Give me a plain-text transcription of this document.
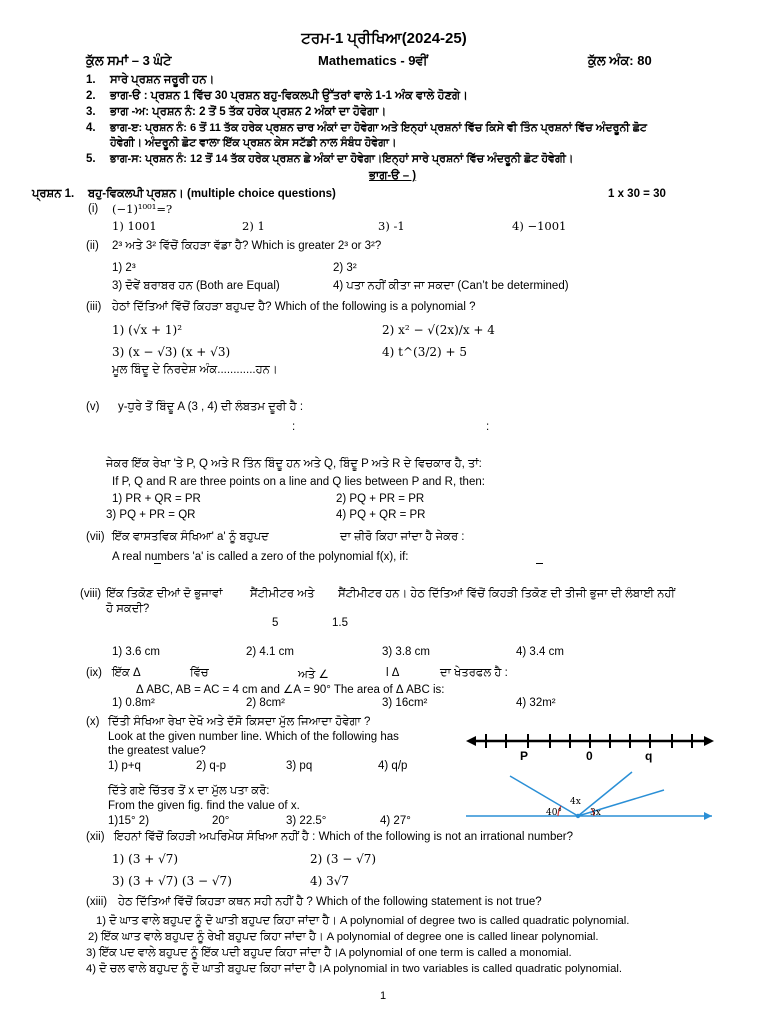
ਟਰਮ-1 ਪ੍ਰੀਖਿਆ(2024-25)
ਕੁੱਲ ਸਮਾਂ – 3 ਘੰਟੇ	Mathematics - 9ਵੀਂ	ਕੁੱਲ ਅੰਕ: 80
1. ਸਾਰੇ ਪ੍ਰਸ਼ਨ ਜਰੂਰੀ ਹਨ।
2. ਭਾਗ-ੳ : ਪ੍ਰਸ਼ਨ 1 ਵਿੱਚ 30 ਪ੍ਰਸ਼ਨ ਬਹੁ-ਵਿਕਲਪੀ ਉੱਤਰਾਂ ਵਾਲੇ 1-1 ਅੰਕ ਵਾਲੇ ਹੋਣਗੇ।
3. ਭਾਗ -ਅ: ਪ੍ਰਸ਼ਨ ਨੰ: 2 ਤੋਂ 5 ਤੱਕ ਹਰੇਕ ਪ੍ਰਸ਼ਨ 2 ਅੰਕਾਂ ਦਾ ਹੋਵੇਗਾ।
4. ਭਾਗ-ੲ: ਪ੍ਰਸ਼ਨ ਨੰ: 6 ਤੋਂ 11 ਤੱਕ ਹਰੇਕ ਪ੍ਰਸ਼ਨ ਚਾਰ ਅੰਕਾਂ ਦਾ ਹੋਵੇਗਾ ਅਤੇ ਇਨ੍ਹਾਂ ਪ੍ਰਸ਼ਨਾਂ ਵਿੱਚ ਕਿਸੇ ਵੀ ਤਿੰਨ ਪ੍ਰਸ਼ਨਾਂ ਵਿੱਚ ਅੰਦਰੂਨੀ ਛੋਟ
ਹੋਵੇਗੀ। ਅੰਦਰੂਨੀ ਛੋਟ ਵਾਲਾ ਇੱਕ ਪ੍ਰਸ਼ਨ ਕੇਸ ਸਟੱਡੀ ਨਾਲ ਸੰਬੰਧ ਹੋਵੇਗਾ।
5. ਭਾਗ-ਸ: ਪ੍ਰਸ਼ਨ ਨੰ: 12 ਤੋਂ 14 ਤੱਕ ਹਰੇਕ ਪ੍ਰਸ਼ਨ ਛੇ ਅੰਕਾਂ ਦਾ ਹੋਵੇਗਾ।ਇਨ੍ਹਾਂ ਸਾਰੇ ਪ੍ਰਸ਼ਨਾਂ ਵਿੱਚ ਅੰਦਰੂਨੀ ਛੋਟ ਹੋਵੇਗੀ।
ਭਾਗ-ੳ – )
ਪ੍ਰਸ਼ਨ 1. ਬਹੁ-ਵਿਕਲਪੀ ਪ੍ਰਸ਼ਨ। (multiple choice questions)	1 x 30 = 30
(i) (−1)¹⁰⁰¹=?
1) 1001	2) 1	3) -1	4) −1001
(ii) 2³ ਅਤੇ 3² ਵਿੱਚੋਂ ਕਿਹੜਾ ਵੱਡਾ ਹੈ? Which is greater 2³ or 3²?
1) 2³	2) 3²
3) ਦੋਵੇਂ ਬਰਾਬਰ ਹਨ (Both are Equal)	4) ਪਤਾ ਨਹੀਂ ਕੀਤਾ ਜਾ ਸਕਦਾ (Can’t be determined)
(iii) ਹੇਠਾਂ ਦਿੱਤਿਆਂ ਵਿੱਚੋਂ ਕਿਹੜਾ ਬਹੁਪਦ ਹੈ? Which of the following is a polynomial ?
1) (√x + 1)²	2) x² − √(2x)/x + 4
3) (x − √3) (x + √3)	4) t^(3/2) + 5
ਮੂਲ ਬਿੰਦੂ ਦੇ ਨਿਰਦੇਸ਼ ਅੰਕ............ਹਨ।
(v) y-ਧੁਰੇ ਤੋਂ ਬਿੰਦੂ A (3 , 4) ਦੀ ਲੰਬਤਮ ਦੂਰੀ ਹੈ :
:	:
ਜੇਕਰ ਇੱਕ ਰੇਖਾ 'ਤੇ P, Q ਅਤੇ R ਤਿੰਨ ਬਿੰਦੂ ਹਨ ਅਤੇ Q, ਬਿੰਦੂ P ਅਤੇ R ਦੇ ਵਿਚਕਾਰ ਹੈ, ਤਾਂ:
If P, Q and R are three points on a line and Q lies between P and R, then:
1) PR + QR = PR	2) PQ + PR = PR
3) PQ + PR = QR	4) PQ + QR = PR
(vii) ਇੱਕ ਵਾਸਤਵਿਕ ਸੰਖਿਆ' a' ਨੂੰ ਬਹੁਪਦ	ਦਾ ਜ਼ੀਰੋ ਕਿਹਾ ਜਾਂਦਾ ਹੈ ਜੇਕਰ :
A real numbers 'a' is called a zero of the polynomial f(x), if:
(viii) ਇੱਕ ਤਿਕੋਣ ਦੀਆਂ ਦੋ ਭੁਜਾਵਾਂ ਸੈਂਟੀਮੀਟਰ ਅਤੇ ਸੈਂਟੀਮੀਟਰ ਹਨ। ਹੇਠ ਦਿੱਤਿਆਂ ਵਿੱਚੋਂ ਕਿਹੜੀ ਤਿਕੋਣ ਦੀ ਤੀਜੀ ਭੁਜਾ ਦੀ ਲੰਬਾਈ ਨਹੀਂ
ਹੋ ਸਕਦੀ?
5	1.5
1) 3.6 cm	2) 4.1 cm	3) 3.8 cm	4) 3.4 cm
(ix) ਇੱਕ Δ	ਵਿੱਚ	ਅਤੇ ∠	l Δ	ਦਾ ਖੇਤਰਫਲ ਹੈ :
Δ ABC, AB = AC = 4 cm and ∠A = 90° The area of Δ ABC is:
1) 0.8m²	2) 8cm²	3) 16cm²	4) 32m²
(x) ਦਿੱਤੀ ਸੰਖਿਆ ਰੇਖਾ ਦੇਖੋ ਅਤੇ ਦੱਸੋ ਕਿਸਦਾ ਮੁੱਲ ਜਿਆਦਾ ਹੋਵੇਗਾ ?
Look at the given number line. Which of the following has
the greatest value?
1) p+q	2) q-p	3) pq	4) q/p
P	0	q
ਦਿੱਤੇ ਗਏ ਚਿੱਤਰ ਤੋਂ x ਦਾ ਮੁੱਲ ਪਤਾ ਕਰੋ:
From the given fig. find the value of x.
1)15° 2)	20°	3) 22.5°	4) 27°
4x
40°	3x
(xii) ਇਹਨਾਂ ਵਿੱਚੋਂ ਕਿਹੜੀ ਅਪਰਿਮੇਯ ਸੰਖਿਆ ਨਹੀਂ ਹੈ : Which of the following is not an irrational number?
1) (3 + √7)	2) (3 − √7)
3) (3 + √7) (3 − √7)	4) 3√7
(xiii) ਹੇਠ ਦਿੱਤਿਆਂ ਵਿੱਚੋਂ ਕਿਹੜਾ ਕਥਨ ਸਹੀ ਨਹੀਂ ਹੈ ? Which of the following statement is not true?
1) ਦੋ ਘਾਤ ਵਾਲੇ ਬਹੁਪਦ ਨੂੰ ਦੋ ਘਾਤੀ ਬਹੁਪਦ ਕਿਹਾ ਜਾਂਦਾ ਹੈ। A polynomial of degree two is called quadratic polynomial.
2) ਇੱਕ ਘਾਤ ਵਾਲੇ ਬਹੁਪਦ ਨੂੰ ਰੇਖੀ ਬਹੁਪਦ ਕਿਹਾ ਜਾਂਦਾ ਹੈ। A polynomial of degree one is called linear polynomial.
3) ਇੱਕ ਪਦ ਵਾਲੇ ਬਹੁਪਦ ਨੂੰ ਇੱਕ ਪਦੀ ਬਹੁਪਦ ਕਿਹਾ ਜਾਂਦਾ ਹੈ।A polynomial of one term is called a monomial.
4) ਦੋ ਚਲ ਵਾਲੇ ਬਹੁਪਦ ਨੂੰ ਦੋ ਘਾਤੀ ਬਹੁਪਦ ਕਿਹਾ ਜਾਂਦਾ ਹੈ।A polynomial in two variables is called quadratic polynomial.
1
